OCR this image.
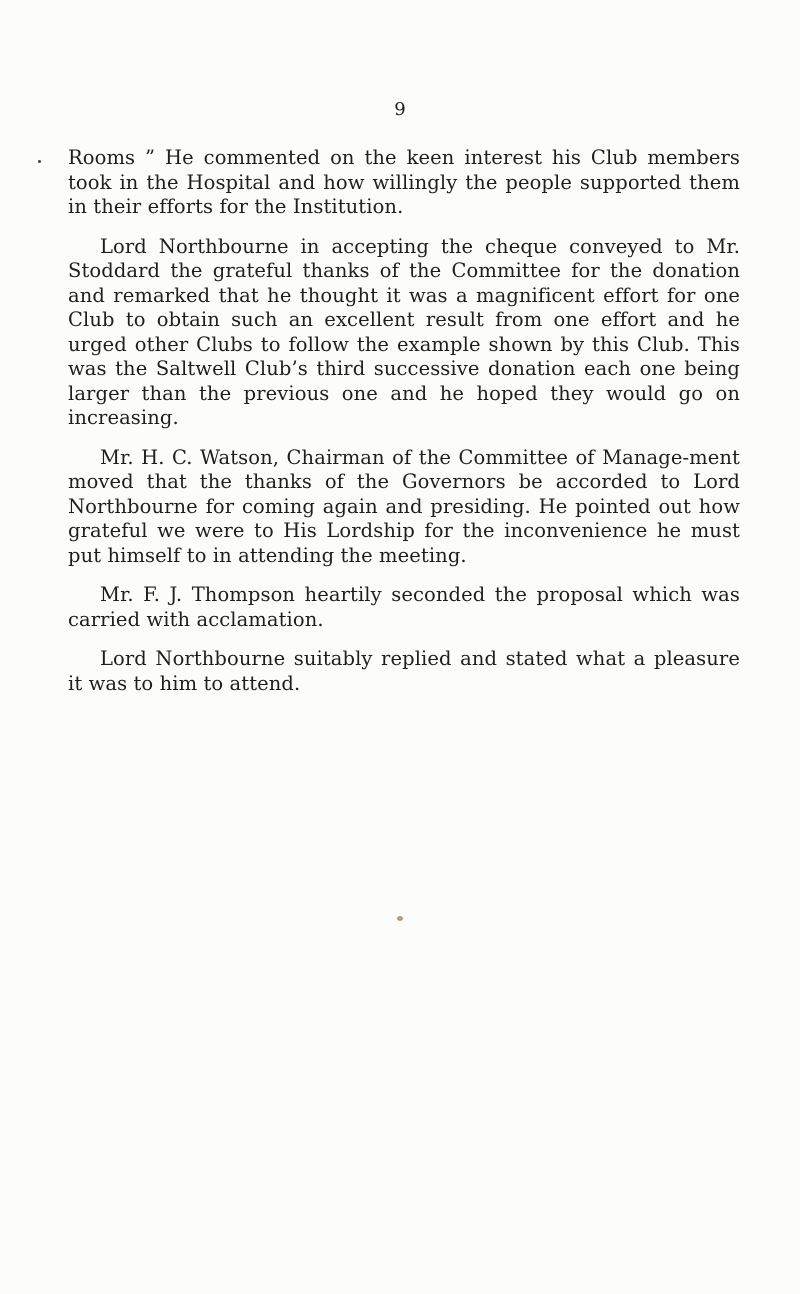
9

Rooms ” He commented on the keen interest his Club members took in the Hospital and how willingly the people supported them in their efforts for the Institution.

Lord Northbourne in accepting the cheque conveyed to Mr. Stoddard the grateful thanks of the Committee for the donation and remarked that he thought it was a magnificent effort for one Club to obtain such an excellent result from one effort and he urged other Clubs to follow the example shown by this Club. This was the Saltwell Club’s third successive donation each one being larger than the previous one and he hoped they would go on increasing.

Mr. H. C. Watson, Chairman of the Committee of Manage-ment moved that the thanks of the Governors be accorded to Lord Northbourne for coming again and presiding. He pointed out how grateful we were to His Lordship for the inconvenience he must put himself to in attending the meeting.

Mr. F. J. Thompson heartily seconded the proposal which was carried with acclamation.

Lord Northbourne suitably replied and stated what a pleasure it was to him to attend.
